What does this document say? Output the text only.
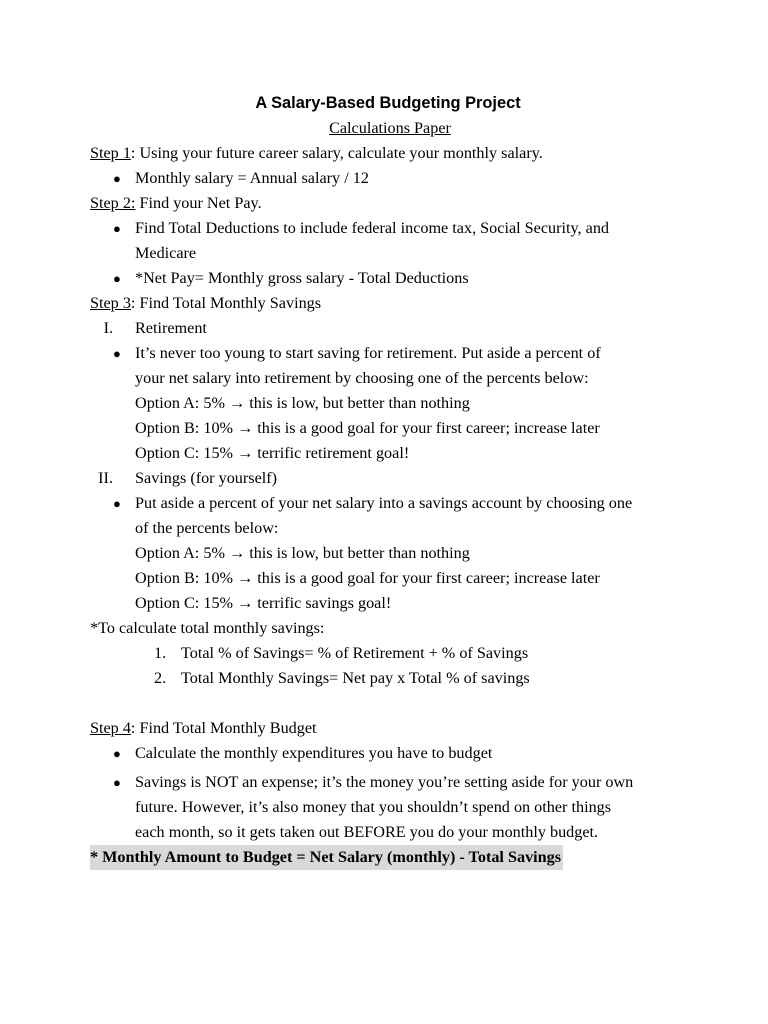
A Salary-Based Budgeting Project
Calculations Paper
Step 1: Using your future career salary, calculate your monthly salary.
● Monthly salary = Annual salary / 12
Step 2: Find your Net Pay.
● Find Total Deductions to include federal income tax, Social Security, and
Medicare
● *Net Pay= Monthly gross salary - Total Deductions
Step 3: Find Total Monthly Savings
I. Retirement
● It’s never too young to start saving for retirement. Put aside a percent of
your net salary into retirement by choosing one of the percents below:
Option A: 5% → this is low, but better than nothing
Option B: 10% → this is a good goal for your first career; increase later
Option C: 15% → terrific retirement goal!
II. Savings (for yourself)
● Put aside a percent of your net salary into a savings account by choosing one
of the percents below:
Option A: 5% → this is low, but better than nothing
Option B: 10% → this is a good goal for your first career; increase later
Option C: 15% → terrific savings goal!
*To calculate total monthly savings:
1. Total % of Savings= % of Retirement + % of Savings
2. Total Monthly Savings= Net pay x Total % of savings
Step 4: Find Total Monthly Budget
● Calculate the monthly expenditures you have to budget
● Savings is NOT an expense; it’s the money you’re setting aside for your own
future. However, it’s also money that you shouldn’t spend on other things
each month, so it gets taken out BEFORE you do your monthly budget.
* Monthly Amount to Budget = Net Salary (monthly) - Total Savings
